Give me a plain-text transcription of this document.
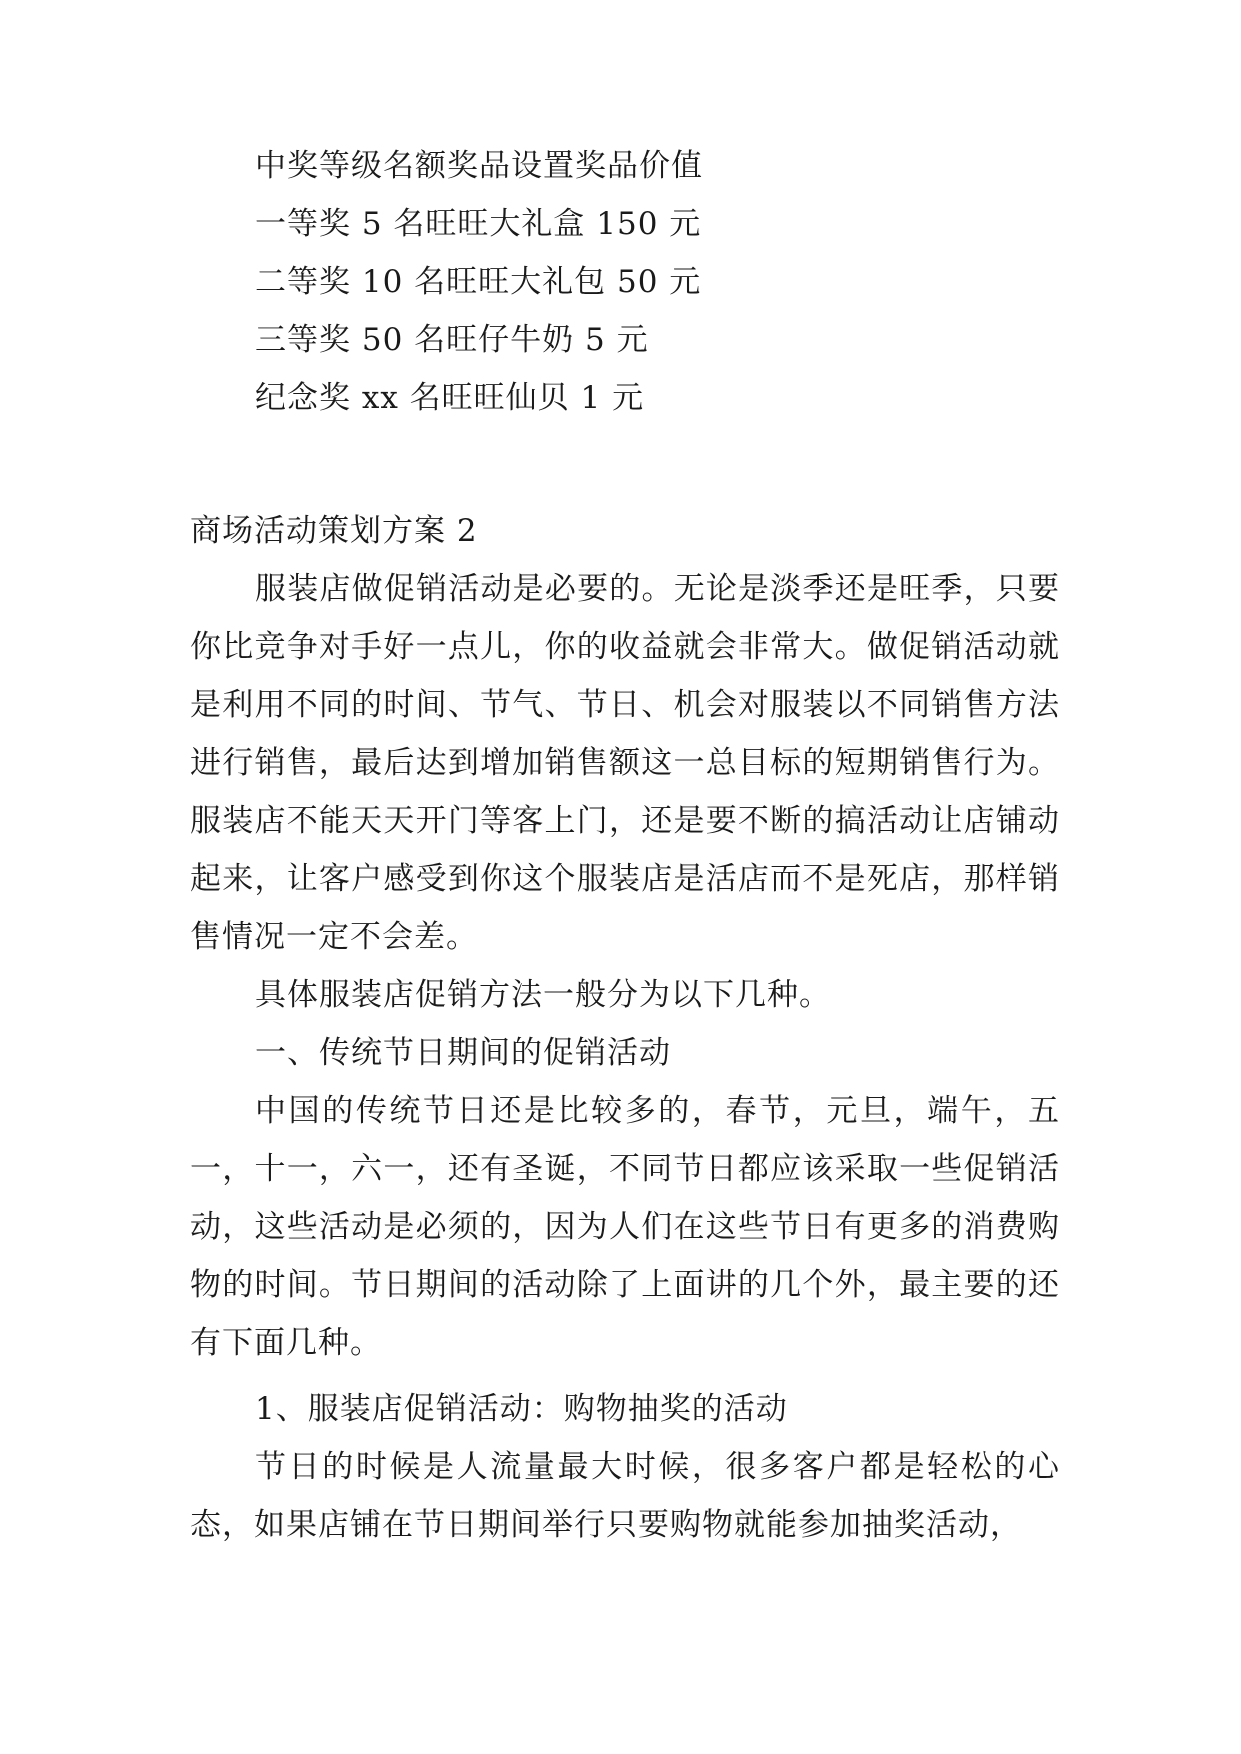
中奖等级名额奖品设置奖品价值
一等奖 5 名旺旺大礼盒 150 元
二等奖 10 名旺旺大礼包 50 元
三等奖 50 名旺仔牛奶 5 元
纪念奖 xx 名旺旺仙贝 1 元
商场活动策划方案 2

服装店做促销活动是必要的。无论是淡季还是旺季，只要你比竞争对手好一点儿，你的收益就会非常大。做促销活动就是利用不同的时间、节气、节日、机会对服装以不同销售方法进行销售，最后达到增加销售额这一总目标的短期销售行为。服装店不能天天开门等客上门，还是要不断的搞活动让店铺动起来，让客户感受到你这个服装店是活店而不是死店，那样销售情况一定不会差。

具体服装店促销方法一般分为以下几种。

一、传统节日期间的促销活动

中国的传统节日还是比较多的，春节，元旦，端午，五一，十一，六一，还有圣诞，不同节日都应该采取一些促销活动，这些活动是必须的，因为人们在这些节日有更多的消费购物的时间。节日期间的活动除了上面讲的几个外，最主要的还有下面几种。

1、服装店促销活动：购物抽奖的活动

节日的时候是人流量最大时候，很多客户都是轻松的心态，如果店铺在节日期间举行只要购物就能参加抽奖活动，
